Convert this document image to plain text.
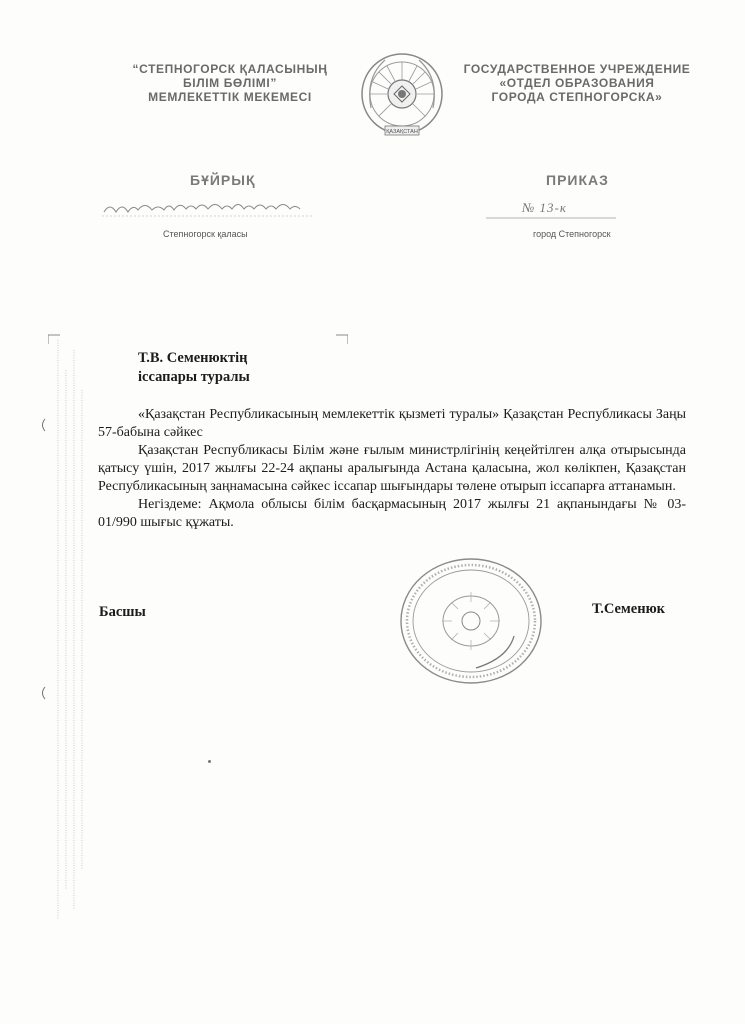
“СТЕПНОГОРСК ҚАЛАСЫНЫҢ
БІЛІМ БӨЛІМІ”
МЕМЛЕКЕТТІК МЕКЕМЕСІ
ҚАЗАҚСТАН
ГОСУДАРСТВЕННОЕ УЧРЕЖДЕНИЕ
«ОТДЕЛ ОБРАЗОВАНИЯ
ГОРОДА СТЕПНОГОРСКА»
БҰЙРЫҚ	ПРИКАЗ
№ 13-к
Степногорск қаласы	город Степногорск
Т.В. Семенюктің
іссапары туралы

«Қазақстан Республикасының мемлекеттік қызметі туралы» Қазақстан Республикасы Заңы 57-бабына сәйкес

Қазақстан Республикасы Білім және ғылым министрлігінің кеңейтілген алқа отырысында қатысу үшін, 2017 жылғы 22-24 ақпаны аралығында Астана қаласына, жол көлікпен, Қазақстан Республикасының заңнамасына сәйкес іссапар шығындары төлене отырып іссапарға аттанамын.

Негіздеме: Ақмола облысы білім басқармасының 2017 жылғы 21 ақпанындағы № 03-01/990 шығыс құжаты.

Басшы	Т.Семенюк
